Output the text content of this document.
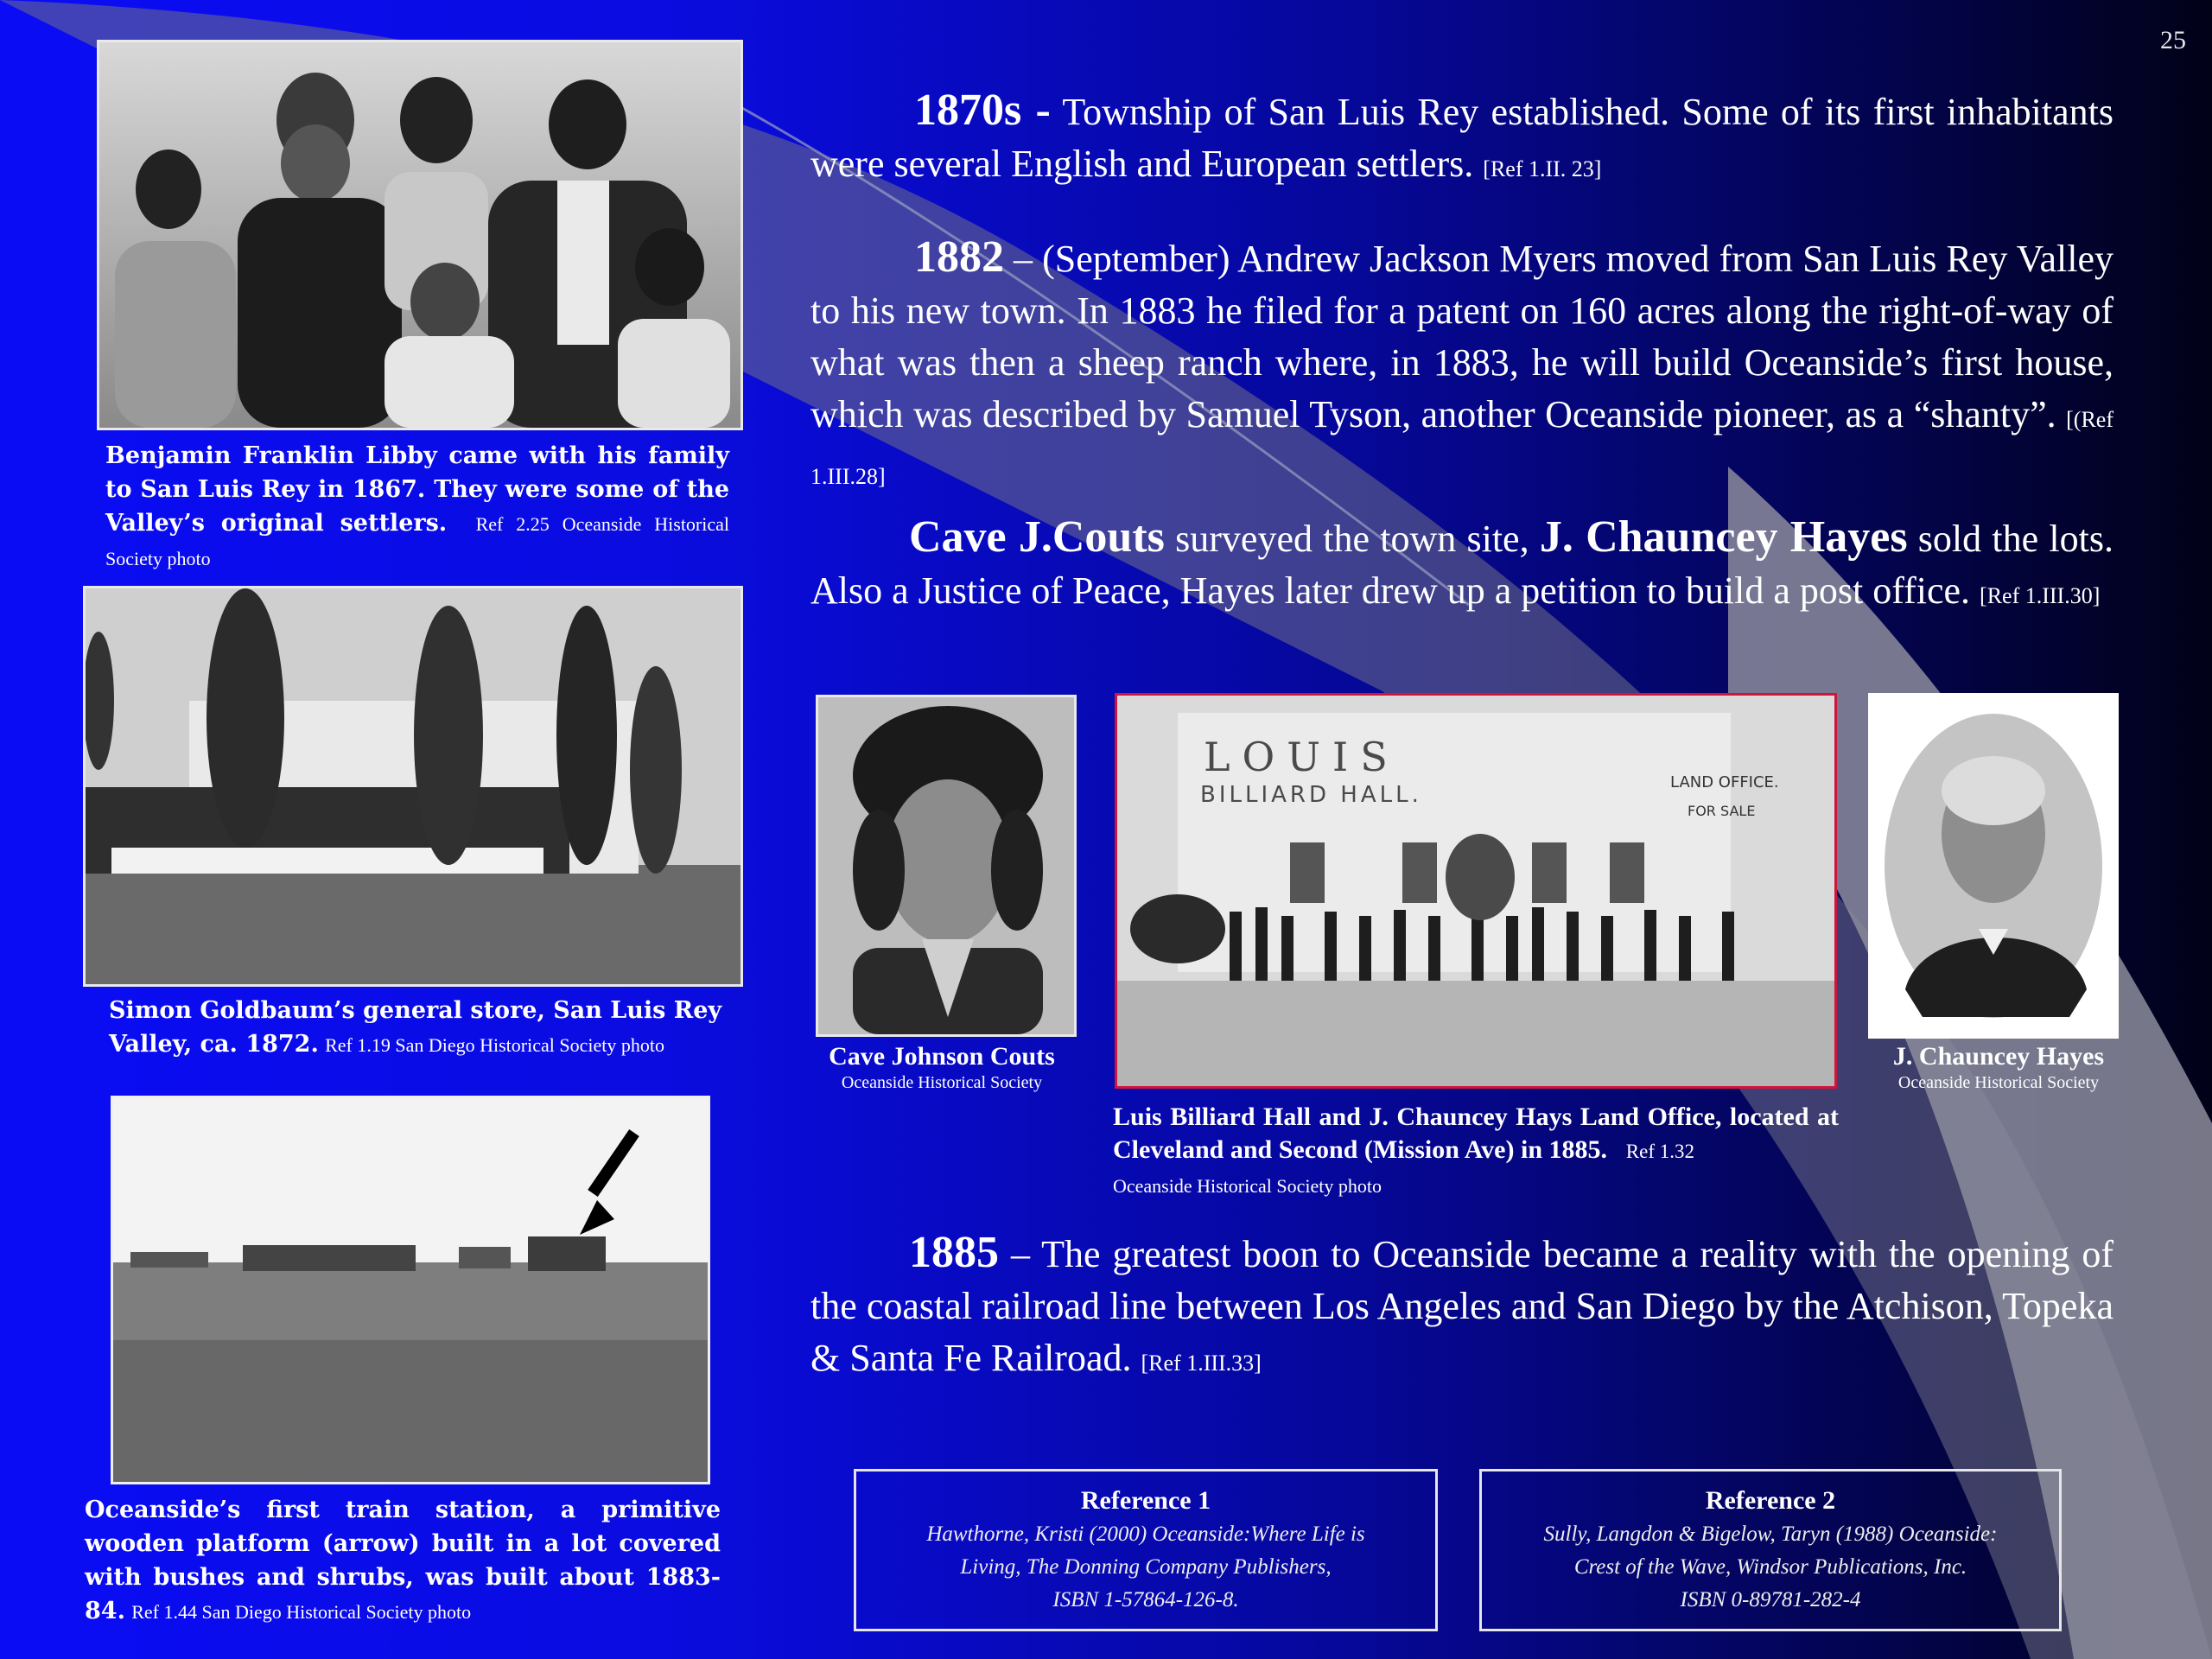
25
Benjamin Franklin Libby came with his family to San Luis Rey in 1867. They were some of the Valley’s original settlers. Ref 2.25 Oceanside Historical Society photo
Simon Goldbaum’s general store, San Luis Rey Valley, ca. 1872. Ref 1.19 San Diego Historical Society photo
Oceanside’s first train station, a primitive wooden platform (arrow) built in a lot covered with bushes and shrubs, was built about 1883-84. Ref 1.44 San Diego Historical Society photo
1870s - Township of San Luis Rey established. Some of its first inhabitants were several English and European settlers. [Ref 1.II. 23]
1882 – (September) Andrew Jackson Myers moved from San Luis Rey Valley to his new town. In 1883 he filed for a patent on 160 acres along the right-of-way of what was then a sheep ranch where, in 1883, he will build Oceanside’s first house, which was described by Samuel Tyson, another Oceanside pioneer, as a “shanty”. [(Ref 1.III.28]
Cave J.Couts surveyed the town site, J. Chauncey Hayes sold the lots. Also a Justice of Peace, Hayes later drew up a petition to build a post office. [Ref 1.III.30]
Cave Johnson Couts
Oceanside Historical Society
LOUIS
BILLIARD HALL.	LAND OFFICE.
FOR SALE
Luis Billiard Hall and J. Chauncey Hays Land Office, located at Cleveland and Second (Mission Ave) in 1885. Ref 1.32
Oceanside Historical Society photo
J. Chauncey Hayes
Oceanside Historical Society
1885 – The greatest boon to Oceanside became a reality with the opening of the coastal railroad line between Los Angeles and San Diego by the Atchison, Topeka & Santa Fe Railroad. [Ref 1.III.33]
Reference 1
Hawthorne, Kristi (2000) Oceanside:Where Life is
Living, The Donning Company Publishers,
ISBN 1-57864-126-8.
Reference 2
Sully, Langdon & Bigelow, Taryn (1988) Oceanside:
Crest of the Wave, Windsor Publications, Inc.
ISBN 0-89781-282-4
